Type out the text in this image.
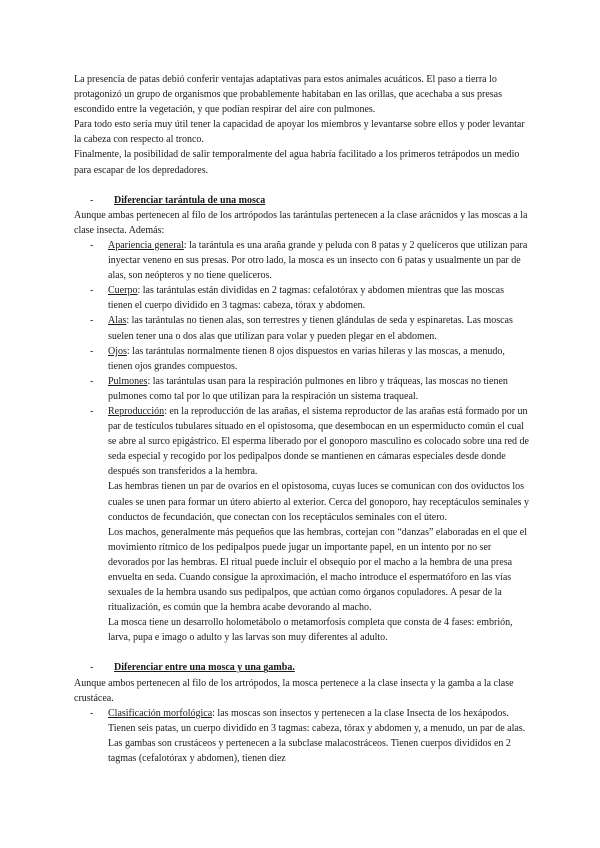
La presencia de patas debió conferir ventajas adaptativas para estos animales acuáticos. El paso a tierra lo protagonizó un grupo de organismos que probablemente habitaban en las orillas, que acechaba a sus presas escondido entre la vegetación, y que podían respirar del aire con pulmones.

Para todo esto sería muy útil tener la capacidad de apoyar los miembros y levantarse sobre ellos y poder levantar la cabeza con respecto al tronco.

Finalmente, la posibilidad de salir temporalmente del agua habría facilitado a los primeros tetrápodos un medio para escapar de los depredadores.

-	Diferenciar tarántula de una mosca

Aunque ambas pertenecen al filo de los artrópodos las tarántulas pertenecen a la clase arácnidos y las moscas a la clase insecta. Además:

- Apariencia general: la tarántula es una araña grande y peluda con 8 patas y 2 quelíceros que utilizan para inyectar veneno en sus presas. Por otro lado, la mosca es un insecto con 6 patas y usualmente un par de alas, son neópteros y no tiene quelíceros.
- Cuerpo: las tarántulas están divididas en 2 tagmas: cefalotórax y abdomen mientras que las moscas tienen el cuerpo dividido en 3 tagmas: cabeza, tórax y abdomen.
- Alas: las tarántulas no tienen alas, son terrestres y tienen glándulas de seda y espinaretas. Las moscas suelen tener una o dos alas que utilizan para volar y pueden plegar en el abdomen.
- Ojos: las tarántulas normalmente tienen 8 ojos dispuestos en varias hileras y las moscas, a menudo, tienen ojos grandes compuestos.
- Pulmones: las tarántulas usan para la respiración pulmones en libro y tráqueas, las moscas no tienen pulmones como tal por lo que utilizan para la respiración un sistema traqueal.
- Reproducción: en la reproducción de las arañas, el sistema reproductor de las arañas está formado por un par de testículos tubulares situado en el opistosoma, que desembocan en un espermiducto común el cual se abre al surco epigástrico. El esperma liberado por el gonoporo masculino es colocado sobre una red de seda especial y recogido por los pedipalpos donde se mantienen en cámaras especiales desde donde después son transferidos a la hembra.

Las hembras tienen un par de ovarios en el opistosoma, cuyas luces se comunican con dos oviductos los cuales se unen para formar un útero abierto al exterior. Cerca del gonoporo, hay receptáculos seminales y conductos de fecundación, que conectan con los receptáculos seminales con el útero.

Los machos, generalmente más pequeños que las hembras, cortejan con “danzas” elaboradas en el que el movimiento rítmico de los pedipalpos puede jugar un importante papel, en un intento por no ser devorados por las hembras. El ritual puede incluir el obsequio por el macho a la hembra de una presa envuelta en seda. Cuando consigue la aproximación, el macho introduce el espermatóforo en las vías sexuales de la hembra usando sus pedipalpos, que actúan como órganos copuladores. A pesar de la ritualización, es común que la hembra acabe devorando al macho.

La mosca tiene un desarrollo holometábolo o metamorfosis completa que consta de 4 fases: embrión, larva, pupa e imago o adulto y las larvas son muy diferentes al adulto.

-	Diferenciar entre una mosca y una gamba.

Aunque ambos pertenecen al filo de los artrópodos, la mosca pertenece a la clase insecta y la gamba a la clase crustácea.

- Clasificación morfológica: las moscas son insectos y pertenecen a la clase Insecta de los hexápodos. Tienen seis patas, un cuerpo dividido en 3 tagmas: cabeza, tórax y abdomen y, a menudo, un par de alas. Las gambas son crustáceos y pertenecen a la subclase malacostráceos. Tienen cuerpos divididos en 2 tagmas (cefalotórax y abdomen), tienen diez
